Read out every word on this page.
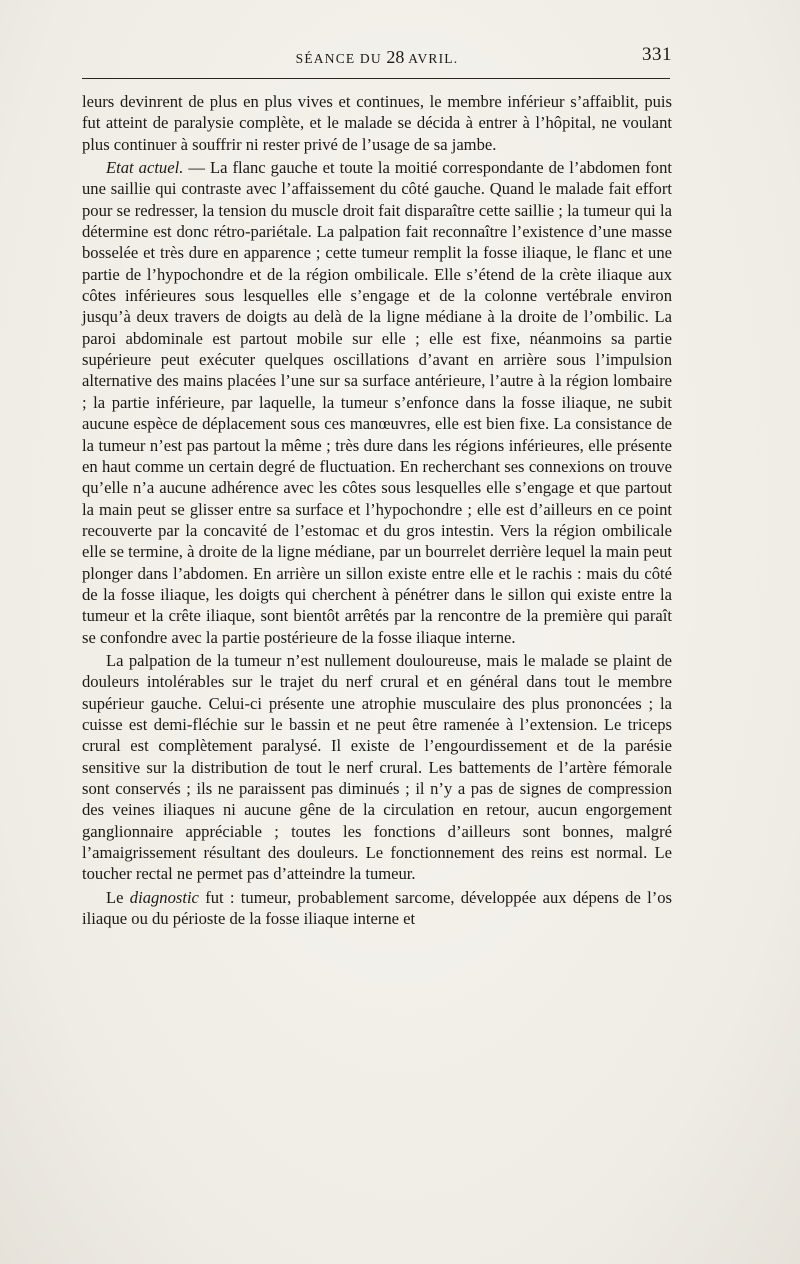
SÉANCE DU 28 AVRIL.	331

leurs devinrent de plus en plus vives et continues, le membre inférieur s’affaiblit, puis fut atteint de paralysie complète, et le malade se décida à entrer à l’hôpital, ne voulant plus continuer à souffrir ni rester privé de l’usage de sa jambe.

Etat actuel. — La flanc gauche et toute la moitié correspondante de l’abdomen font une saillie qui contraste avec l’affaissement du côté gauche. Quand le malade fait effort pour se redresser, la tension du muscle droit fait disparaître cette saillie ; la tumeur qui la détermine est donc rétro-pariétale. La palpation fait reconnaître l’existence d’une masse bosselée et très dure en apparence ; cette tumeur remplit la fosse iliaque, le flanc et une partie de l’hypochondre et de la région ombilicale. Elle s’étend de la crète iliaque aux côtes inférieures sous lesquelles elle s’engage et de la colonne vertébrale environ jusqu’à deux travers de doigts au delà de la ligne médiane à la droite de l’ombilic. La paroi abdominale est partout mobile sur elle ; elle est fixe, néanmoins sa partie supérieure peut exécuter quelques oscillations d’avant en arrière sous l’impulsion alternative des mains placées l’une sur sa surface antérieure, l’autre à la région lombaire ; la partie inférieure, par laquelle, la tumeur s’enfonce dans la fosse iliaque, ne subit aucune espèce de déplacement sous ces manœuvres, elle est bien fixe. La consistance de la tumeur n’est pas partout la même ; très dure dans les régions inférieures, elle présente en haut comme un certain degré de fluctuation. En recherchant ses connexions on trouve qu’elle n’a aucune adhérence avec les côtes sous lesquelles elle s’engage et que partout la main peut se glisser entre sa surface et l’hypochondre ; elle est d’ailleurs en ce point recouverte par la concavité de l’estomac et du gros intestin. Vers la région ombilicale elle se termine, à droite de la ligne médiane, par un bourrelet derrière lequel la main peut plonger dans l’abdomen. En arrière un sillon existe entre elle et le rachis : mais du côté de la fosse iliaque, les doigts qui cherchent à pénétrer dans le sillon qui existe entre la tumeur et la crête iliaque, sont bientôt arrêtés par la rencontre de la première qui paraît se confondre avec la partie postérieure de la fosse iliaque interne.

La palpation de la tumeur n’est nullement douloureuse, mais le malade se plaint de douleurs intolérables sur le trajet du nerf crural et en général dans tout le membre supérieur gauche. Celui-ci présente une atrophie musculaire des plus prononcées ; la cuisse est demi-fléchie sur le bassin et ne peut être ramenée à l’extension. Le triceps crural est complètement paralysé. Il existe de l’engourdissement et de la parésie sensitive sur la distribution de tout le nerf crural. Les battements de l’artère fémorale sont conservés ; ils ne paraissent pas diminués ; il n’y a pas de signes de compression des veines iliaques ni aucune gêne de la circulation en retour, aucun engorgement ganglionnaire appréciable ; toutes les fonctions d’ailleurs sont bonnes, malgré l’amaigrissement résultant des douleurs. Le fonctionnement des reins est normal. Le toucher rectal ne permet pas d’atteindre la tumeur.

Le diagnostic fut : tumeur, probablement sarcome, développée aux dépens de l’os iliaque ou du périoste de la fosse iliaque interne et
